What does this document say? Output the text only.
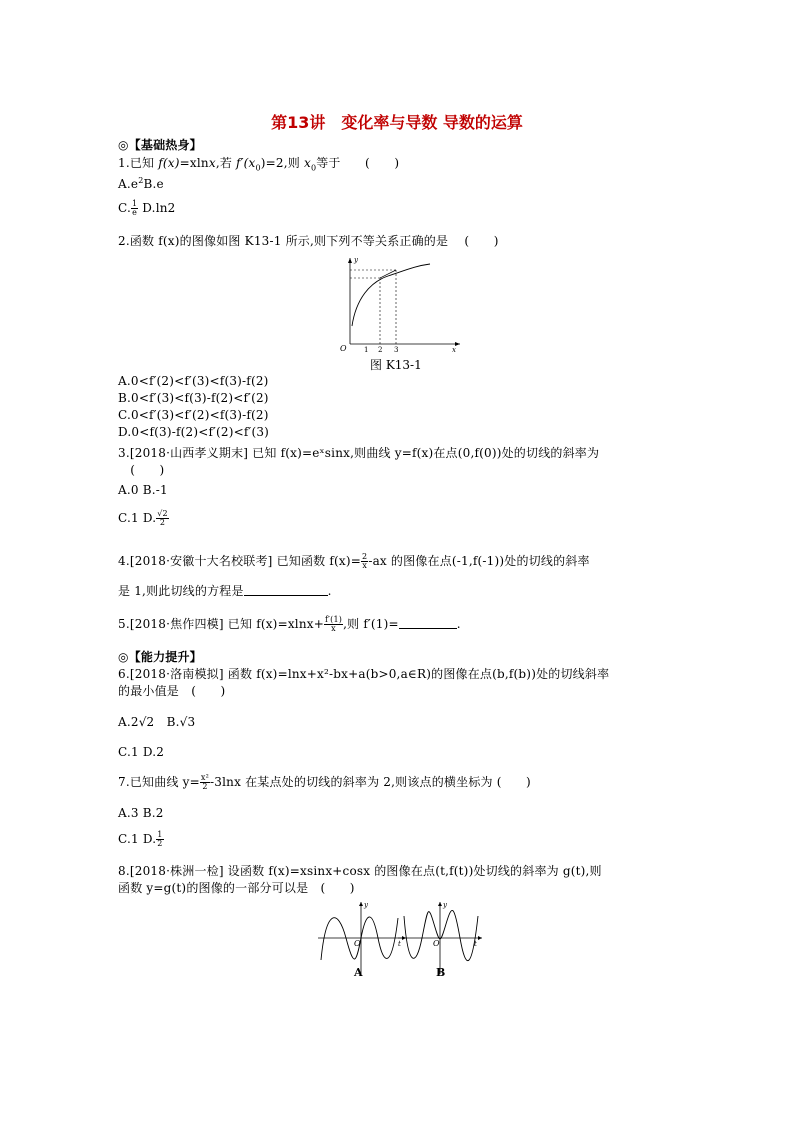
第13讲　变化率与导数 导数的运算
◎【基础热身】
1.已知 f(x)=xlnx,若 $f'(x_0)=2$,则 $x_0$等于　　(　　)
$A.e^2B.e$
C. $\frac{1}{e} D.\ln 2$
2.函数 f(x)的图像如图 K13-1 所示,则下列不等关系正确的是　 (　　)
O
y
x
1 2 3
图 K13-1
A.0<f′(2)<f′(3)<f(3)-f(2)
B.0<f′(3)<f(3)-f(2)<f′(2)
C.0<f′(3)<f′(2)<f(3)-f(2)
D.0<f(3)-f(2)<f′(2)<f′(3)
3.[2018·山西孝义期末] 已知 f(x)=eˣsinx,则曲线 y=f(x)在点(0,f(0))处的切线的斜率为
　(　　)
A.0 B.-1
C.1 D. $\frac{√2}{2}$
4.[2018·安徽十大名校联考] 已知函数 $f(x)= \frac{2}{x} -ax$ 的图像在点(-1,f(-1))处的切线的斜率
是 1,则此切线的方程是	.
5.[2018·焦作四模] 已知 $f(x)=xlnx+ \frac{f'(1)}{x}$ ,则 f′(1)=	.
◎【能力提升】
6.[2018·洛南模拟] 函数 f(x)=lnx+x²-bx+a(b>0,a∈R)的图像在点(b,f(b))处的切线斜率
的最小值是　(　　)
A.2√2　B.√3
C.1 D.2
7.已知曲线 $y= \frac{\text{x²}}{2} -3\ln x$ 在某点处的切线的斜率为 2,则该点的横坐标为 (　　)
A.3 B.2
C.1 D. $\frac{1}{2}$
8.[2018·株洲一检] 设函数 f(x)=xsinx+cosx 的图像在点(t,f(t))处切线的斜率为 g(t),则
函数 y=g(t)的图像的一部分可以是　(　　)
y
t
O
y
t
O
A	B
